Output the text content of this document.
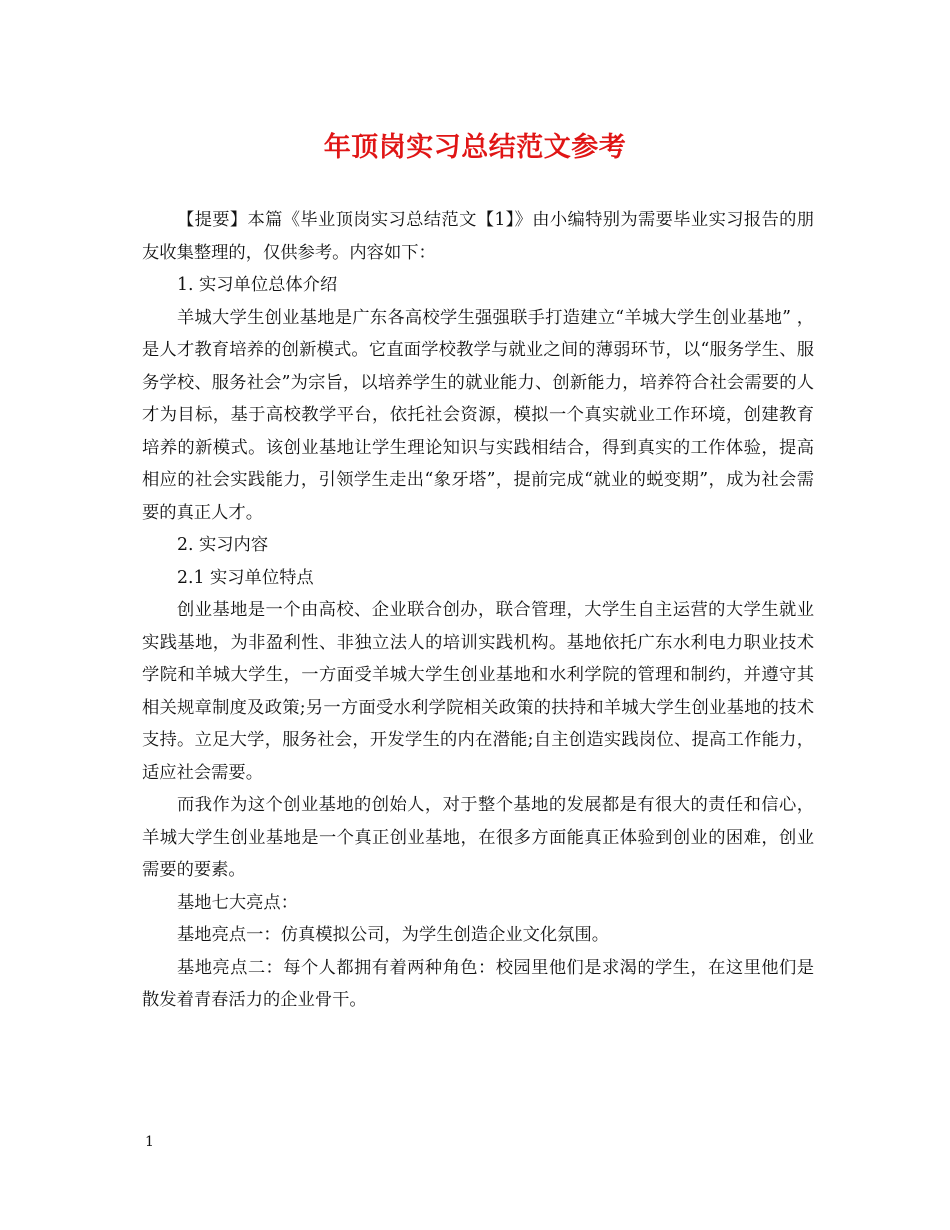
年顶岗实习总结范文参考

【提要】本篇《毕业顶岗实习总结范文【1】》由小编特别为需要毕业实习报告的朋友收集整理的，仅供参考。内容如下：

1. 实习单位总体介绍

羊城大学生创业基地是广东各高校学生强强联手打造建立“羊城大学生创业基地” ，是人才教育培养的创新模式。它直面学校教学与就业之间的薄弱环节，以“服务学生、服务学校、服务社会”为宗旨，以培养学生的就业能力、创新能力，培养符合社会需要的人才为目标，基于高校教学平台，依托社会资源，模拟一个真实就业工作环境，创建教育培养的新模式。该创业基地让学生理论知识与实践相结合，得到真实的工作体验，提高相应的社会实践能力，引领学生走出“象牙塔”，提前完成“就业的蜕变期”，成为社会需要的真正人才。

2. 实习内容

2.1 实习单位特点

创业基地是一个由高校、企业联合创办，联合管理，大学生自主运营的大学生就业实践基地，为非盈利性、非独立法人的培训实践机构。基地依托广东水利电力职业技术学院和羊城大学生，一方面受羊城大学生创业基地和水利学院的管理和制约，并遵守其相关规章制度及政策;另一方面受水利学院相关政策的扶持和羊城大学生创业基地的技术支持。立足大学，服务社会，开发学生的内在潜能;自主创造实践岗位、提高工作能力，适应社会需要。

而我作为这个创业基地的创始人，对于整个基地的发展都是有很大的责任和信心，羊城大学生创业基地是一个真正创业基地，在很多方面能真正体验到创业的困难，创业需要的要素。

基地七大亮点：

基地亮点一：仿真模拟公司，为学生创造企业文化氛围。

基地亮点二：每个人都拥有着两种角色：校园里他们是求渴的学生，在这里他们是散发着青春活力的企业骨干。

1
